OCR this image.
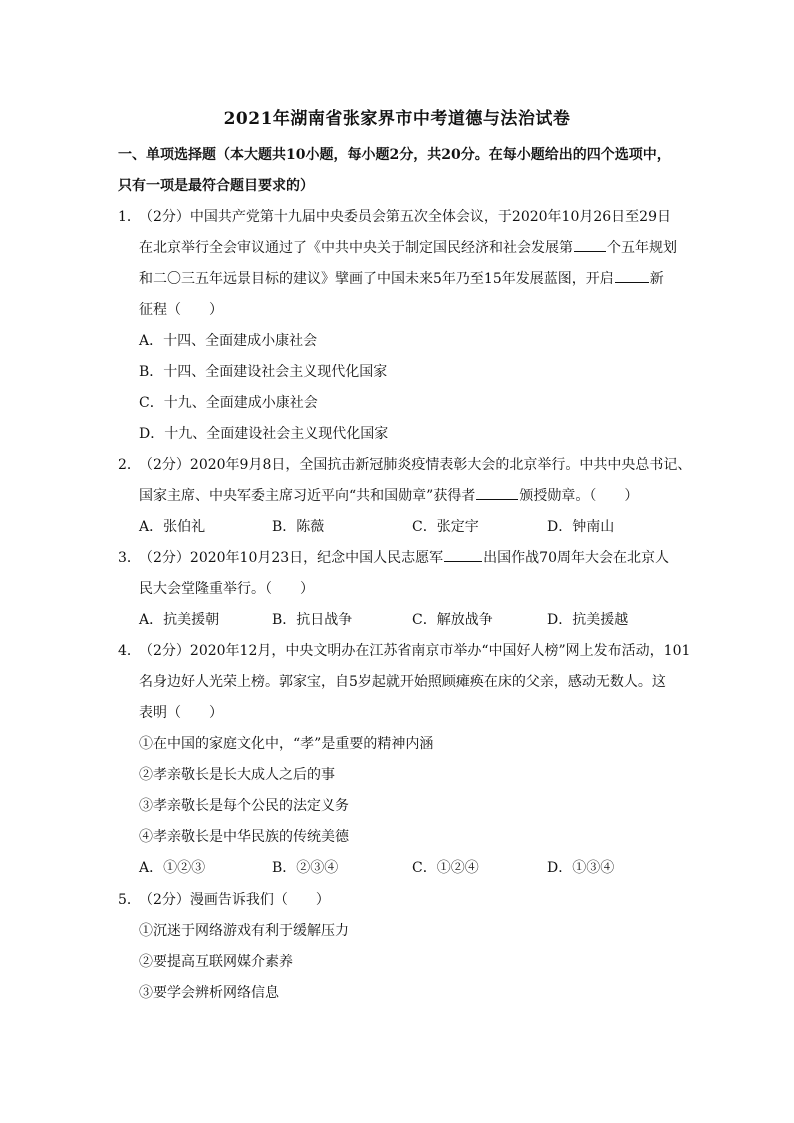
2021年湖南省张家界市中考道德与法治试卷
一、单项选择题（本大题共10小题，每小题2分，共20分。在每小题给出的四个选项中，
只有一项是最符合题目要求的）
1．
（2分）中国共产党第十九届中央委员会第五次全体会议，于2020年10月26日至29日
在北京举行全会审议通过了《中共中央关于制定国民经济和社会发展第 个五年规划
和二〇三五年远景目标的建议》擘画了中国未来5年乃至15年发展蓝图，开启	新
征程（　　）
A．十四、全面建成小康社会
B．十四、全面建设社会主义现代化国家
C．十九、全面建成小康社会
D．十九、全面建设社会主义现代化国家
2．
（2分）2020年9月8日，全国抗击新冠肺炎疫情表彰大会的北京举行。中共中央总书记、
国家主席、中央军委主席习近平向“共和国勋章”获得者	颁授勋章。（　　）
A．张伯礼	B．陈薇	C．张定宇	D．钟南山
3．
（2分）2020年10月23日，纪念中国人民志愿军	出国作战70周年大会在北京人
民大会堂隆重举行。（　　）
A．抗美援朝	B．抗日战争	C．解放战争	D．抗美援越
4．
（2分）2020年12月，中央文明办在江苏省南京市举办“中国好人榜”网上发布活动，101
名身边好人光荣上榜。郭家宝，自5岁起就开始照顾瘫痪在床的父亲，感动无数人。这
表明（　　）
①在中国的家庭文化中，“孝”是重要的精神内涵
②孝亲敬长是长大成人之后的事
③孝亲敬长是每个公民的法定义务
④孝亲敬长是中华民族的传统美德
A．①②③	B．②③④	C．①②④	D．①③④
5．
（2分）漫画告诉我们（　　）
①沉迷于网络游戏有利于缓解压力
②要提高互联网媒介素养
③要学会辨析网络信息
